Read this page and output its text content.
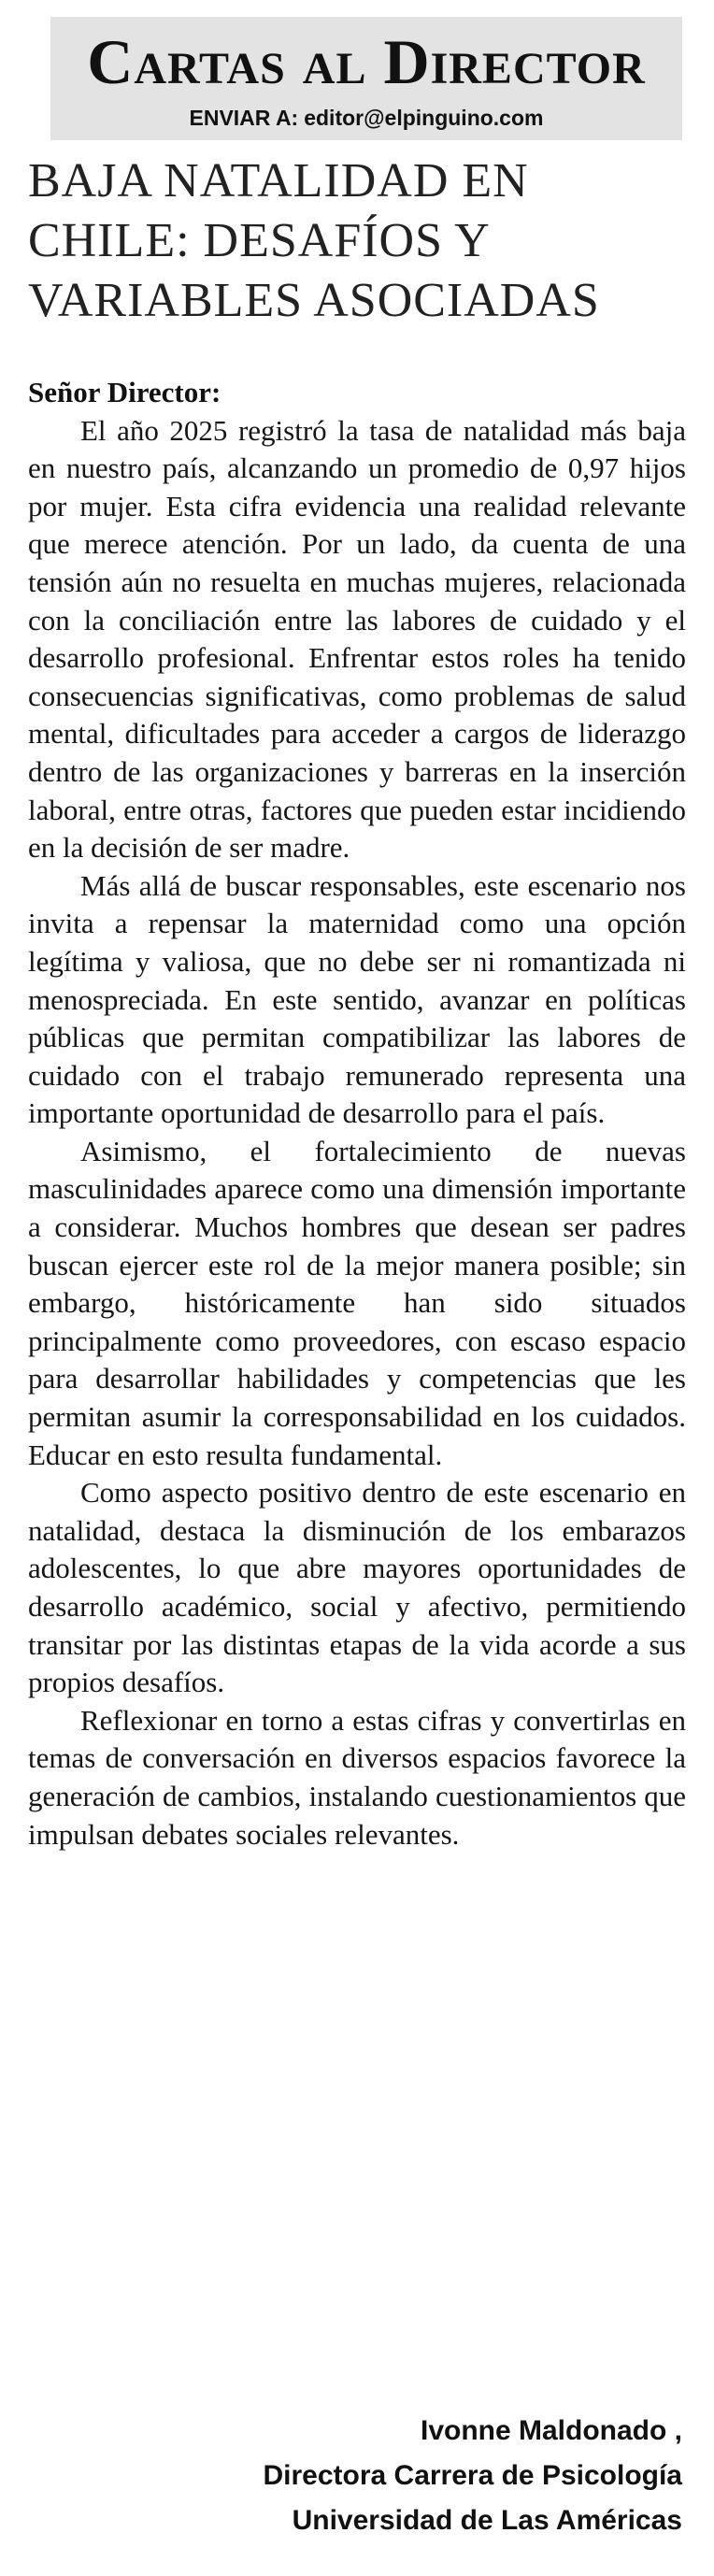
Cartas al Director
ENVIAR A: editor@elpinguino.com
BAJA NATALIDAD EN
CHILE: DESAFÍOS Y
VARIABLES ASOCIADAS
Señor Director:

El año 2025 registró la tasa de natalidad más baja en nuestro país, alcanzando un promedio de 0,97 hijos por mujer. Esta cifra evidencia una realidad relevante que merece atención. Por un lado, da cuenta de una tensión aún no resuelta en muchas mujeres, relacionada con la conciliación entre las labores de cuidado y el desarrollo profesional. Enfrentar estos roles ha tenido consecuencias significativas, como problemas de salud mental, dificultades para acceder a cargos de liderazgo dentro de las organizaciones y barreras en la inserción laboral, entre otras, factores que pueden estar incidiendo en la decisión de ser madre.

Más allá de buscar responsables, este escenario nos invita a repensar la maternidad como una opción legítima y valiosa, que no debe ser ni romantizada ni menospreciada. En este sentido, avanzar en políticas públicas que permitan compatibilizar las labores de cuidado con el trabajo remunerado representa una importante oportunidad de desarrollo para el país.

Asimismo, el fortalecimiento de nuevas masculinidades aparece como una dimensión importante a considerar. Muchos hombres que desean ser padres buscan ejercer este rol de la mejor manera posible; sin embargo, históricamente han sido situados principalmente como proveedores, con escaso espacio para desarrollar habilidades y competencias que les permitan asumir la corresponsabilidad en los cuidados. Educar en esto resulta fundamental.

Como aspecto positivo dentro de este escenario en natalidad, destaca la disminución de los embarazos adolescentes, lo que abre mayores oportunidades de desarrollo académico, social y afectivo, permitiendo transitar por las distintas etapas de la vida acorde a sus propios desafíos.

Reflexionar en torno a estas cifras y convertirlas en temas de conversación en diversos espacios favorece la generación de cambios, instalando cuestionamientos que impulsan debates sociales relevantes.

Ivonne Maldonado ,
Directora Carrera de Psicología
Universidad de Las Américas
